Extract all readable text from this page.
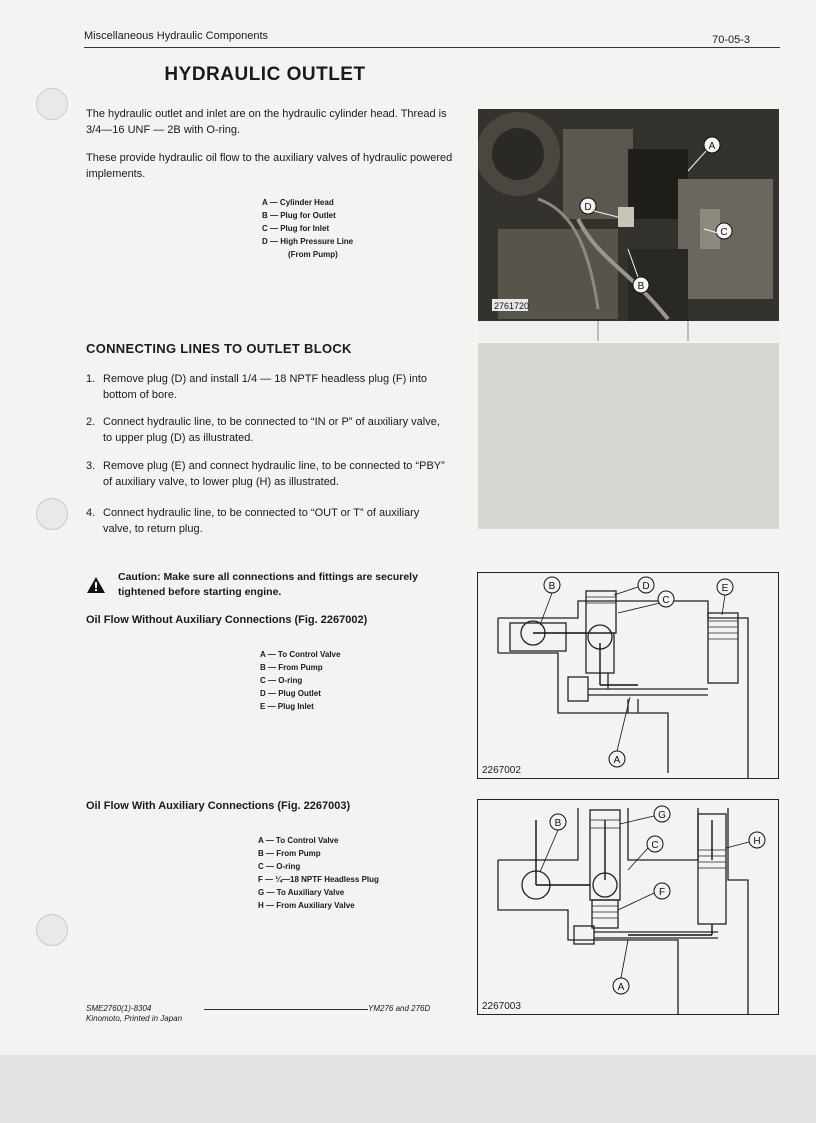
Miscellaneous Hydraulic Components	70-05-3
HYDRAULIC OUTLET
The hydraulic outlet and inlet are on the hydraulic cylinder head. Thread is 3/4—16 UNF — 2B with O-ring.
These provide hydraulic oil flow to the auxiliary valves of hydraulic powered implements.
A — Cylinder Head
B — Plug for Outlet
C — Plug for Inlet
D — High Pressure Line
(From Pump)
A
B
C
D
2761720
CONNECTING LINES TO OUTLET BLOCK
1. Remove plug (D) and install 1/4 — 18 NPTF headless plug (F) into bottom of bore.
2. Connect hydraulic line, to be connected to “IN or P” of auxiliary valve, to upper plug (D) as illustrated.
3. Remove plug (E) and connect hydraulic line, to be connected to “PBY” of auxiliary valve, to lower plug (H) as illustrated.
4. Connect hydraulic line, to be connected to “OUT or T” of auxiliary valve, to return plug.
Caution: Make sure all connections and fittings are securely tightened before starting engine.
Oil Flow Without Auxiliary Connections (Fig. 2267002)
A — To Control Valve
B — From Pump
C — O-ring
D — Plug Outlet
E — Plug Inlet
B	D
C
E
A
2267002
Oil Flow With Auxiliary Connections (Fig. 2267003)
A — To Control Valve
B — From Pump
C — O-ring
F — ¼—18 NPTF Headless Plug
G — To Auxiliary Valve
H — From Auxiliary Valve
G
B
C	H
F
A
2267003
SME2760(1)-8304
Kinomoto, Printed in Japan
YM276 and 276D
